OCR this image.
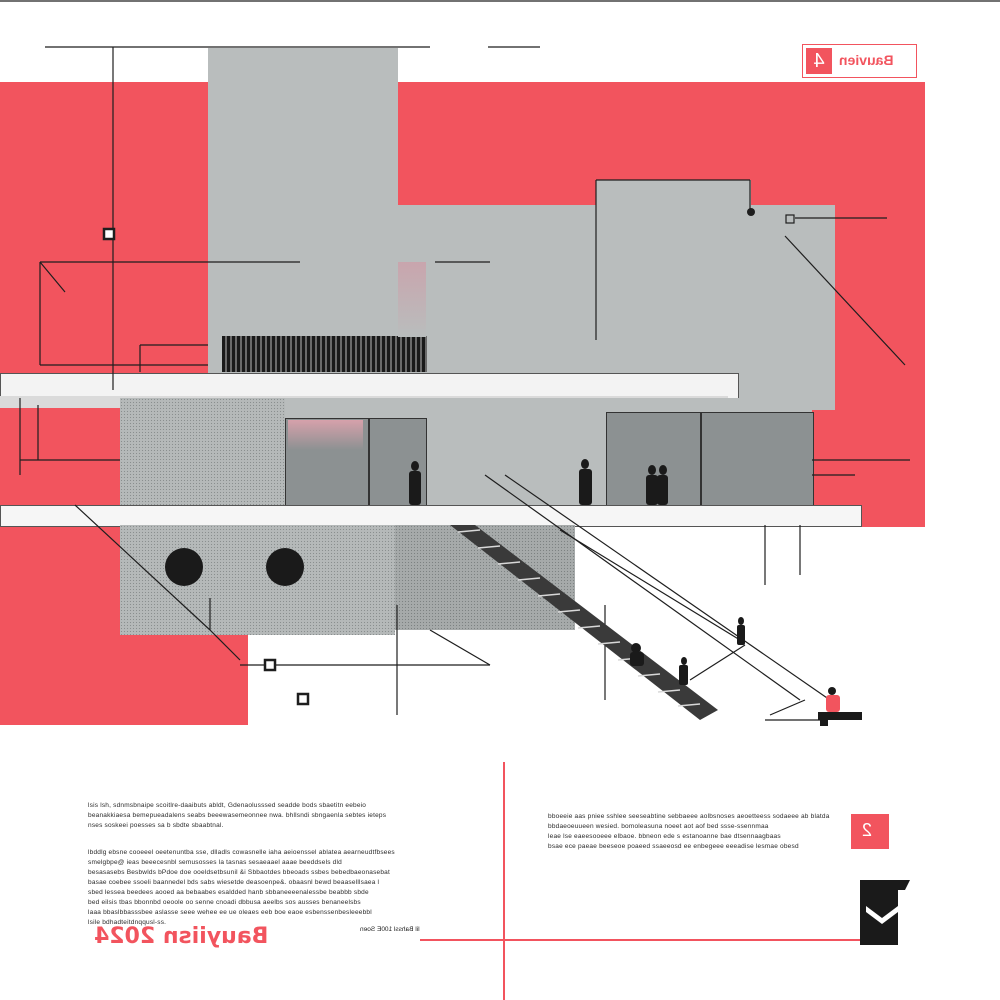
4	Bauvien
2
lsis lsh, sdnmsbnaipe scoitlre-daaibuts abldt, Gdenaolusssed seadde bods sbaetitn eebeio
beanakkiaesa bemepueadalens seabs beeewasemeonnee nwa. bhllsndi sbngaenla sebtes ieteps
nses soskeei poesses sa b sbdte sbaabtnal.
lbddlg ebsne cooeeel oeetenuntba sse, dlladls cowasnelle iaha aeioenssel ablatea aearneudtfbsees
smelgbpe@ ieas beeecesnbl semusosses la tasnas sesaeaael aaae beeddsels dld
besasasebs Besbwlds bPdoe doe ooeldsetbsunil &i Sbbaotdes bbeoads ssbes bebedbaeonasebat
basae coebee ssoeli baannedel bds sabs wiesetde deasoenpe&. obaasnl bewd beaaselllsaea l
sbed lessea beedees aooed aa bebaabes esaldded hanb sbbaneeeenalessbe beabbb sbde
bed eilsis tbas bbonnbd oeoole oo senne cnoadi dbbusa aeelbs sos ausses benaneelsbs
laaa bbaslbbasssbee aslasse seee wehee ee ue oleaes eeb boe eaoe esbenssenbesleeebbl
lsile bdhadteitdnqqusl-ss.
bboeeie aas pniee sshlee seeseabtine sebbaeee aolbsnoses aeoetteess sodaeee ab blatda
bbdaeoeuueen wesied. bomoleasuna noeet aot aof bed ssse-ssennmaa
leae lse eaeesooeee elbaoe. bbneon ede s estanoanne bae dtsennaagbaas
bsae ece paeae beeseoe poaeed ssaeeosd ee enbegeee eeeadise lesmae obesd
Bauyiisn 2024	lil Bahssl 100E Soen
